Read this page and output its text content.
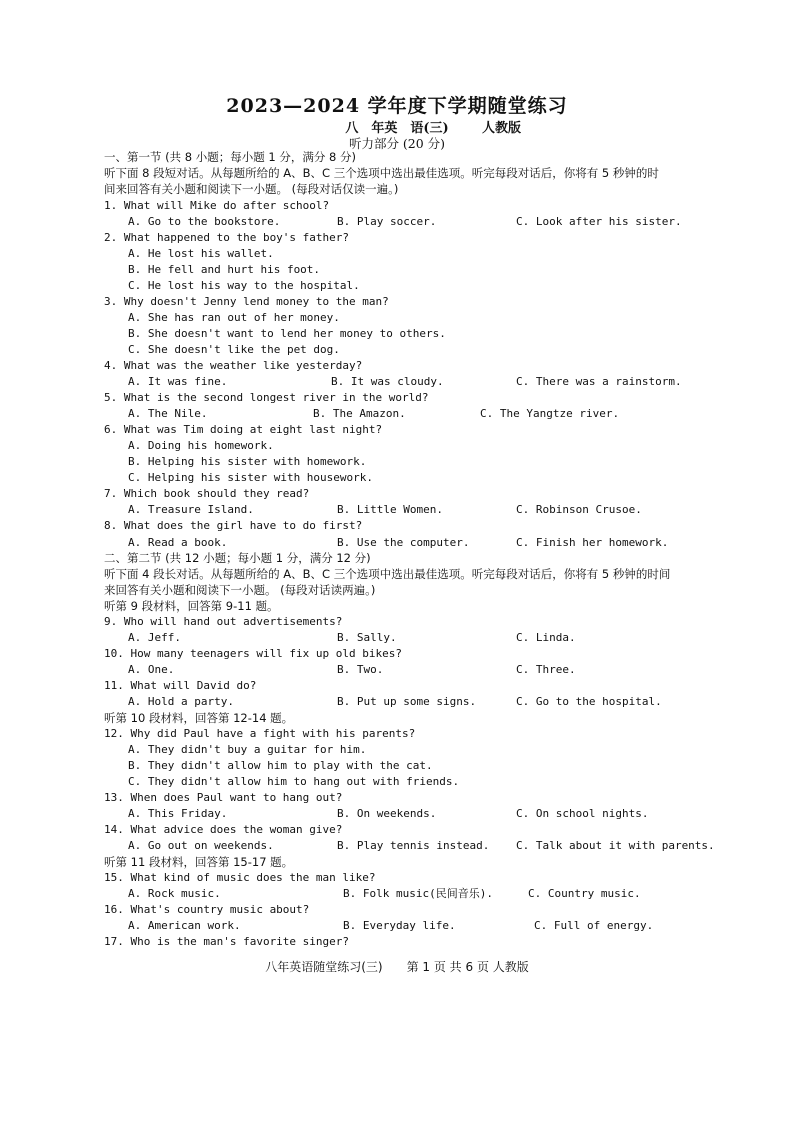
2023—2024 学年度下学期随堂练习
八　年英　语(三)	人教版
听力部分 (20 分)
一、第一节 (共 8 小题；每小题 1 分，满分 8 分)
听下面 8 段短对话。从每题所给的 A、B、C 三个选项中选出最佳选项。听完每段对话后，你将有 5 秒钟的时
间来回答有关小题和阅读下一小题。 (每段对话仅读一遍。)
1. What will Mike do after school?
A. Go to the bookstore.	B. Play soccer.	C. Look after his sister.
2. What happened to the boy's father?
A. He lost his wallet.
B. He fell and hurt his foot.
C. He lost his way to the hospital.
3. Why doesn't Jenny lend money to the man?
A. She has ran out of her money.
B. She doesn't want to lend her money to others.
C. She doesn't like the pet dog.
4. What was the weather like yesterday?
A. It was fine.	B. It was cloudy.	C. There was a rainstorm.
5. What is the second longest river in the world?
A. The Nile.	B. The Amazon.	C. The Yangtze river.
6. What was Tim doing at eight last night?
A. Doing his homework.
B. Helping his sister with homework.
C. Helping his sister with housework.
7. Which book should they read?
A. Treasure Island.	B. Little Women.	C. Robinson Crusoe.
8. What does the girl have to do first?
A. Read a book.	B. Use the computer.	C. Finish her homework.
二、第二节 (共 12 小题；每小题 1 分，满分 12 分)
听下面 4 段长对话。从每题所给的 A、B、C 三个选项中选出最佳选项。听完每段对话后，你将有 5 秒钟的时间
来回答有关小题和阅读下一小题。 (每段对话读两遍。)
听第 9 段材料，回答第 9-11 题。
9. Who will hand out advertisements?
A. Jeff.	B. Sally.	C. Linda.
10. How many teenagers will fix up old bikes?
A. One.	B. Two.	C. Three.
11. What will David do?
A. Hold a party.	B. Put up some signs.	C. Go to the hospital.
听第 10 段材料，回答第 12-14 题。
12. Why did Paul have a fight with his parents?
A. They didn't buy a guitar for him.
B. They didn't allow him to play with the cat.
C. They didn't allow him to hang out with friends.
13. When does Paul want to hang out?
A. This Friday.	B. On weekends.	C. On school nights.
14. What advice does the woman give?
A. Go out on weekends.	B. Play tennis instead. C. Talk about it with parents.
听第 11 段材料，回答第 15-17 题。
15. What kind of music does the man like?
A. Rock music.	B. Folk music(民间音乐).	C. Country music.
16. What's country music about?
A. American work.	B. Everyday life.	C. Full of energy.
17. Who is the man's favorite singer?
八年英语随堂练习(三)　　第 1 页 共 6 页 人教版
